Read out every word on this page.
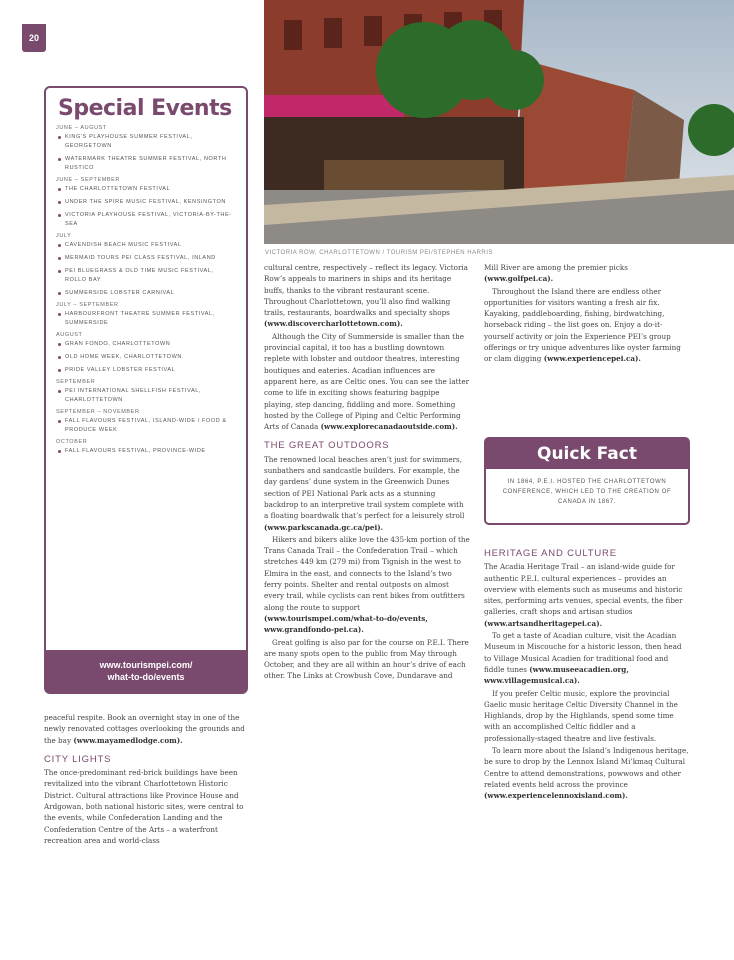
20
VICTORIA ROW, CHARLOTTETOWN / TOURISM PEI/STEPHEN HARRIS
Special Events
JUNE – AUGUST
KING’S PLAYHOUSE SUMMER FESTIVAL, GEORGETOWN
WATERMARK THEATRE SUMMER FESTIVAL, NORTH RUSTICO
JUNE – SEPTEMBER
THE CHARLOTTETOWN FESTIVAL
UNDER THE SPIRE MUSIC FESTIVAL, KENSINGTON
VICTORIA PLAYHOUSE FESTIVAL, VICTORIA-BY-THE-SEA
JULY
CAVENDISH BEACH MUSIC FESTIVAL
MERMAID TOURS PEI CLASS FESTIVAL, INLAND
PEI BLUEGRASS & OLD TIME MUSIC FESTIVAL, ROLLO BAY
SUMMERSIDE LOBSTER CARNIVAL
JULY – SEPTEMBER
HARBOURFRONT THEATRE SUMMER FESTIVAL, SUMMERSIDE
AUGUST
GRAN FONDO, CHARLOTTETOWN
OLD HOME WEEK, CHARLOTTETOWN
PRIDE VALLEY LOBSTER FESTIVAL
SEPTEMBER
PEI INTERNATIONAL SHELLFISH FESTIVAL, CHARLOTTETOWN
SEPTEMBER – NOVEMBER
FALL FLAVOURS FESTIVAL, ISLAND-WIDE / FOOD & PRODUCE WEEK
OCTOBER
FALL FLAVOURS FESTIVAL, PROVINCE-WIDE
www.tourismpei.com/
what-to-do/events

peaceful respite. Book an overnight stay in one of the newly renovated cottages overlooking the grounds and the bay (www.mayamedlodge.com).

CITY LIGHTS

The once-predominant red-brick buildings have been revitalized into the vibrant Charlottetown Historic District. Cultural attractions like Province House and Ardgowan, both national historic sites, were central to the events, while Confederation Landing and the Confederation Centre of the Arts – a waterfront recreation area and world-class

cultural centre, respectively – reflect its legacy. Victoria Row’s appeals to mariners in ships and its heritage buffs, thanks to the vibrant restaurant scene. Throughout Charlottetown, you’ll also find walking trails, restaurants, boardwalks and specialty shops (www.discovercharlottetown.com).

Although the City of Summerside is smaller than the provincial capital, it too has a bustling downtown replete with lobster and outdoor theatres, interesting boutiques and eateries. Acadian influences are apparent here, as are Celtic ones. You can see the latter come to life in exciting shows featuring bagpipe playing, step dancing, fiddling and more. Something hosted by the College of Piping and Celtic Performing Arts of Canada (www.explorecanadaoutside.com).

THE GREAT OUTDOORS

The renowned local beaches aren’t just for swimmers, sunbathers and sandcastle builders. For example, the day gardens’ dune system in the Greenwich Dunes section of PEI National Park acts as a stunning backdrop to an interpretive trail system complete with a floating boardwalk that’s perfect for a leisurely stroll (www.parkscanada.gc.ca/pei).

Hikers and bikers alike love the 435-km portion of the Trans Canada Trail – the Confederation Trail – which stretches 449 km (279 mi) from Tignish in the west to Elmira in the east, and connects to the Island’s two ferry points. Shelter and rental outposts on almost every trail, while cyclists can rent bikes from outfitters along the route to support (www.tourismpei.com/what-to-do/events, www.grandfondo-pei.ca).

Great golfing is also par for the course on P.E.I. There are many spots open to the public from May through October, and they are all within an hour’s drive of each other. The Links at Crowbush Cove, Dundarave and

Mill River are among the premier picks (www.golfpei.ca).

Throughout the Island there are endless other opportunities for visitors wanting a fresh air fix. Kayaking, paddleboarding, fishing, birdwatching, horseback riding – the list goes on. Enjoy a do-it-yourself activity or join the Experience PEI’s group offerings or try unique adventures like oyster farming or clam digging (www.experiencepei.ca).

Quick Fact
IN 1864, P.E.I. HOSTED THE CHARLOTTETOWN CONFERENCE, WHICH LED TO THE CREATION OF CANADA IN 1867.
HERITAGE AND CULTURE

The Acadia Heritage Trail – an island-wide guide for authentic P.E.I. cultural experiences – provides an overview with elements such as museums and historic sites, performing arts venues, special events, the fiber galleries, craft shops and artisan studios (www.artsandheritagepei.ca).

To get a taste of Acadian culture, visit the Acadian Museum in Miscouche for a historic lesson, then head to Village Musical Acadien for traditional food and fiddle tunes (www.museeacadien.org, www.villagemusical.ca).

If you prefer Celtic music, explore the provincial Gaelic music heritage Celtic Diversity Channel in the Highlands, drop by the Highlands, spend some time with an accomplished Celtic fiddler and a professionally-staged theatre and live festivals.

To learn more about the Island’s Indigenous heritage, be sure to drop by the Lennox Island Mi’kmaq Cultural Centre to attend demonstrations, powwows and other related events held across the province (www.experiencelennoxisland.com).
